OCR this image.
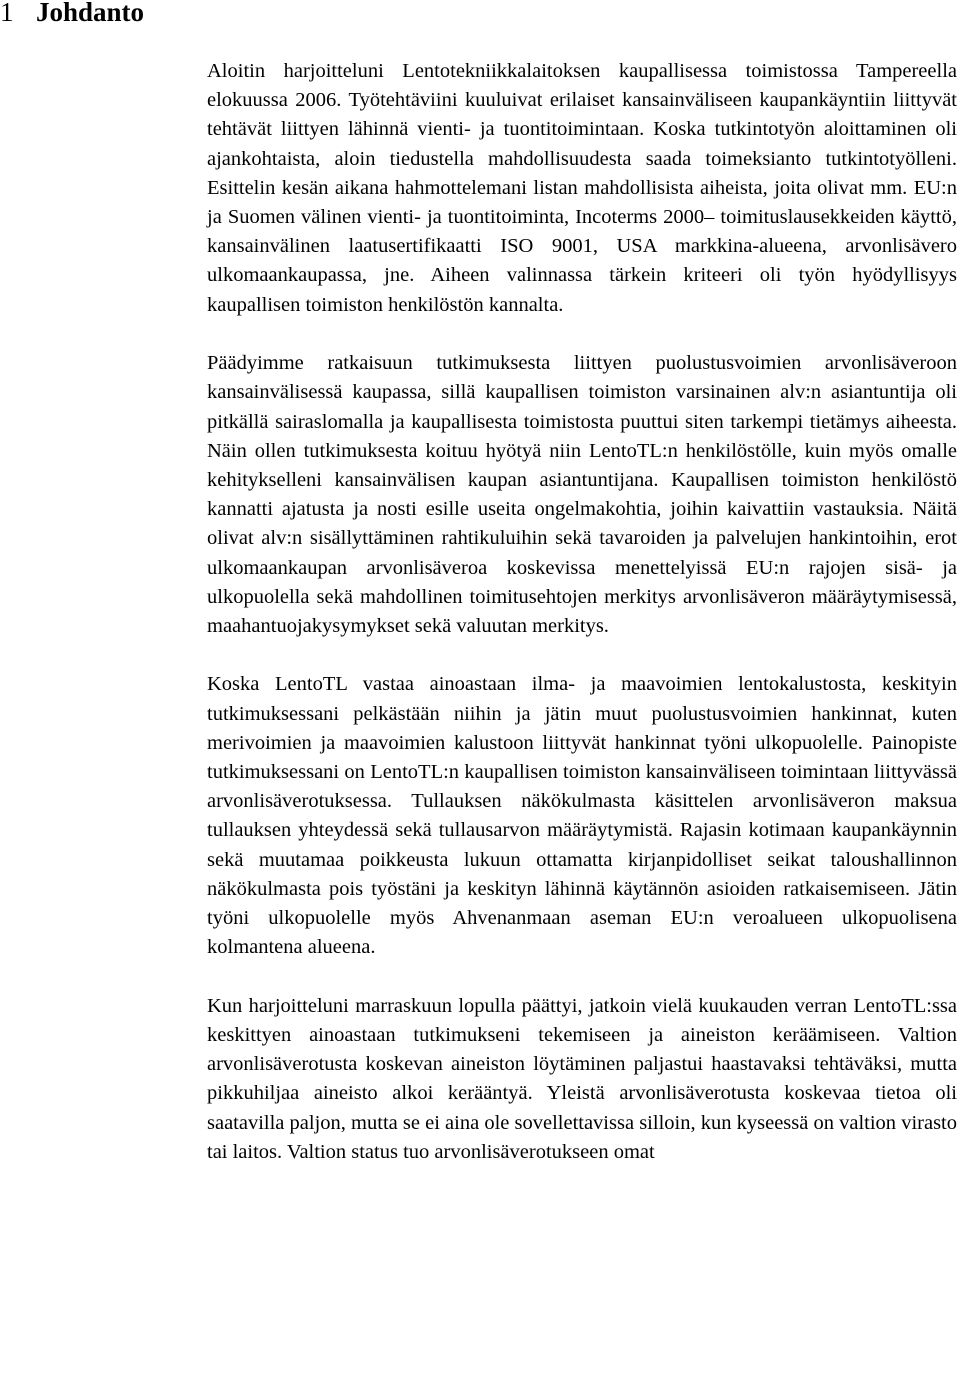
1 Johdanto

Aloitin harjoitteluni Lentotekniikkalaitoksen kaupallisessa toimistossa Tampereella elokuussa 2006. Työtehtäviini kuuluivat erilaiset kansainväliseen kaupankäyntiin liittyvät tehtävät liittyen lähinnä vienti- ja tuontitoimintaan. Koska tutkintotyön aloittaminen oli ajankohtaista, aloin tiedustella mahdollisuudesta saada toimeksianto tutkintotyölleni. Esittelin kesän aikana hahmottelemani listan mahdollisista aiheista, joita olivat mm. EU:n ja Suomen välinen vienti- ja tuontitoiminta, Incoterms 2000– toimituslausekkeiden käyttö, kansainvälinen laatusertifikaatti ISO 9001, USA markkina-alueena, arvonlisävero ulkomaankaupassa, jne. Aiheen valinnassa tärkein kriteeri oli työn hyödyllisyys kaupallisen toimiston henkilöstön kannalta.

Päädyimme ratkaisuun tutkimuksesta liittyen puolustusvoimien arvonlisäveroon kansainvälisessä kaupassa, sillä kaupallisen toimiston varsinainen alv:n asiantuntija oli pitkällä sairaslomalla ja kaupallisesta toimistosta puuttui siten tarkempi tietämys aiheesta. Näin ollen tutkimuksesta koituu hyötyä niin LentoTL:n henkilöstölle, kuin myös omalle kehitykselleni kansainvälisen kaupan asiantuntijana. Kaupallisen toimiston henkilöstö kannatti ajatusta ja nosti esille useita ongelmakohtia, joihin kaivattiin vastauksia. Näitä olivat alv:n sisällyttäminen rahtikuluihin sekä tavaroiden ja palvelujen hankintoihin, erot ulkomaankaupan arvonlisäveroa koskevissa menettelyissä EU:n rajojen sisä- ja ulkopuolella sekä mahdollinen toimitusehtojen merkitys arvonlisäveron määräytymisessä, maahantuojakysymykset sekä valuutan merkitys.

Koska LentoTL vastaa ainoastaan ilma- ja maavoimien lentokalustosta, keskityin tutkimuksessani pelkästään niihin ja jätin muut puolustusvoimien hankinnat, kuten merivoimien ja maavoimien kalustoon liittyvät hankinnat työni ulkopuolelle. Painopiste tutkimuksessani on LentoTL:n kaupallisen toimiston kansainväliseen toimintaan liittyvässä arvonlisäverotuksessa. Tullauksen näkökulmasta käsittelen arvonlisäveron maksua tullauksen yhteydessä sekä tullausarvon määräytymistä. Rajasin kotimaan kaupankäynnin sekä muutamaa poikkeusta lukuun ottamatta kirjanpidolliset seikat taloushallinnon näkökulmasta pois työstäni ja keskityn lähinnä käytännön asioiden ratkaisemiseen. Jätin työni ulkopuolelle myös Ahvenanmaan aseman EU:n veroalueen ulkopuolisena kolmantena alueena.

Kun harjoitteluni marraskuun lopulla päättyi, jatkoin vielä kuukauden verran LentoTL:ssa keskittyen ainoastaan tutkimukseni tekemiseen ja aineiston keräämiseen. Valtion arvonlisäverotusta koskevan aineiston löytäminen paljastui haastavaksi tehtäväksi, mutta pikkuhiljaa aineisto alkoi kerääntyä. Yleistä arvonlisäverotusta koskevaa tietoa oli saatavilla paljon, mutta se ei aina ole sovellettavissa silloin, kun kyseessä on valtion virasto tai laitos. Valtion status tuo arvonlisäverotukseen omat
